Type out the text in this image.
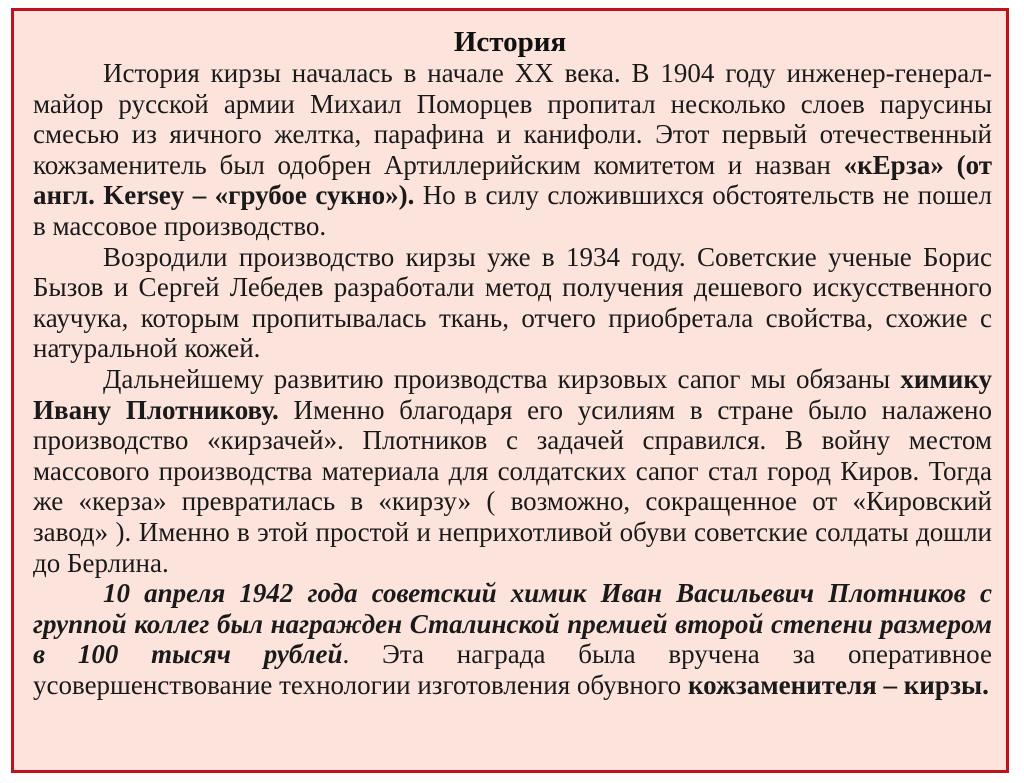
История

История кирзы началась в начале XX века. В 1904 году инженер-генерал-майор русской армии Михаил Поморцев пропитал несколько слоев парусины смесью из яичного желтка, парафина и канифоли. Этот первый отечественный кожзаменитель был одобрен Артиллерийским комитетом и назван «кЕрза» (от англ. Kersey – «грубое сукно»). Но в силу сложившихся обстоятельств не пошел в массовое производство.

Возродили производство кирзы уже в 1934 году. Советские ученые Борис Бызов и Сергей Лебедев разработали метод получения дешевого искусственного каучука, которым пропитывалась ткань, отчего приобретала свойства, схожие с натуральной кожей.

Дальнейшему развитию производства кирзовых сапог мы обязаны химику Ивану Плотникову. Именно благодаря его усилиям в стране было налажено производство «кирзачей». Плотников с задачей справился. В войну местом массового производства материала для солдатских сапог стал город Киров. Тогда же «керза» превратилась в «кирзу» ( возможно, сокращенное от «Кировский завод» ). Именно в этой простой и неприхотливой обуви советские солдаты дошли до Берлина.

10 апреля 1942 года советский химик Иван Васильевич Плотников с группой коллег был награжден Сталинской премией второй степени размером в 100 тысяч рублей. Эта награда была вручена за оперативное усовершенствование технологии изготовления обувного кожзаменителя – кирзы.
